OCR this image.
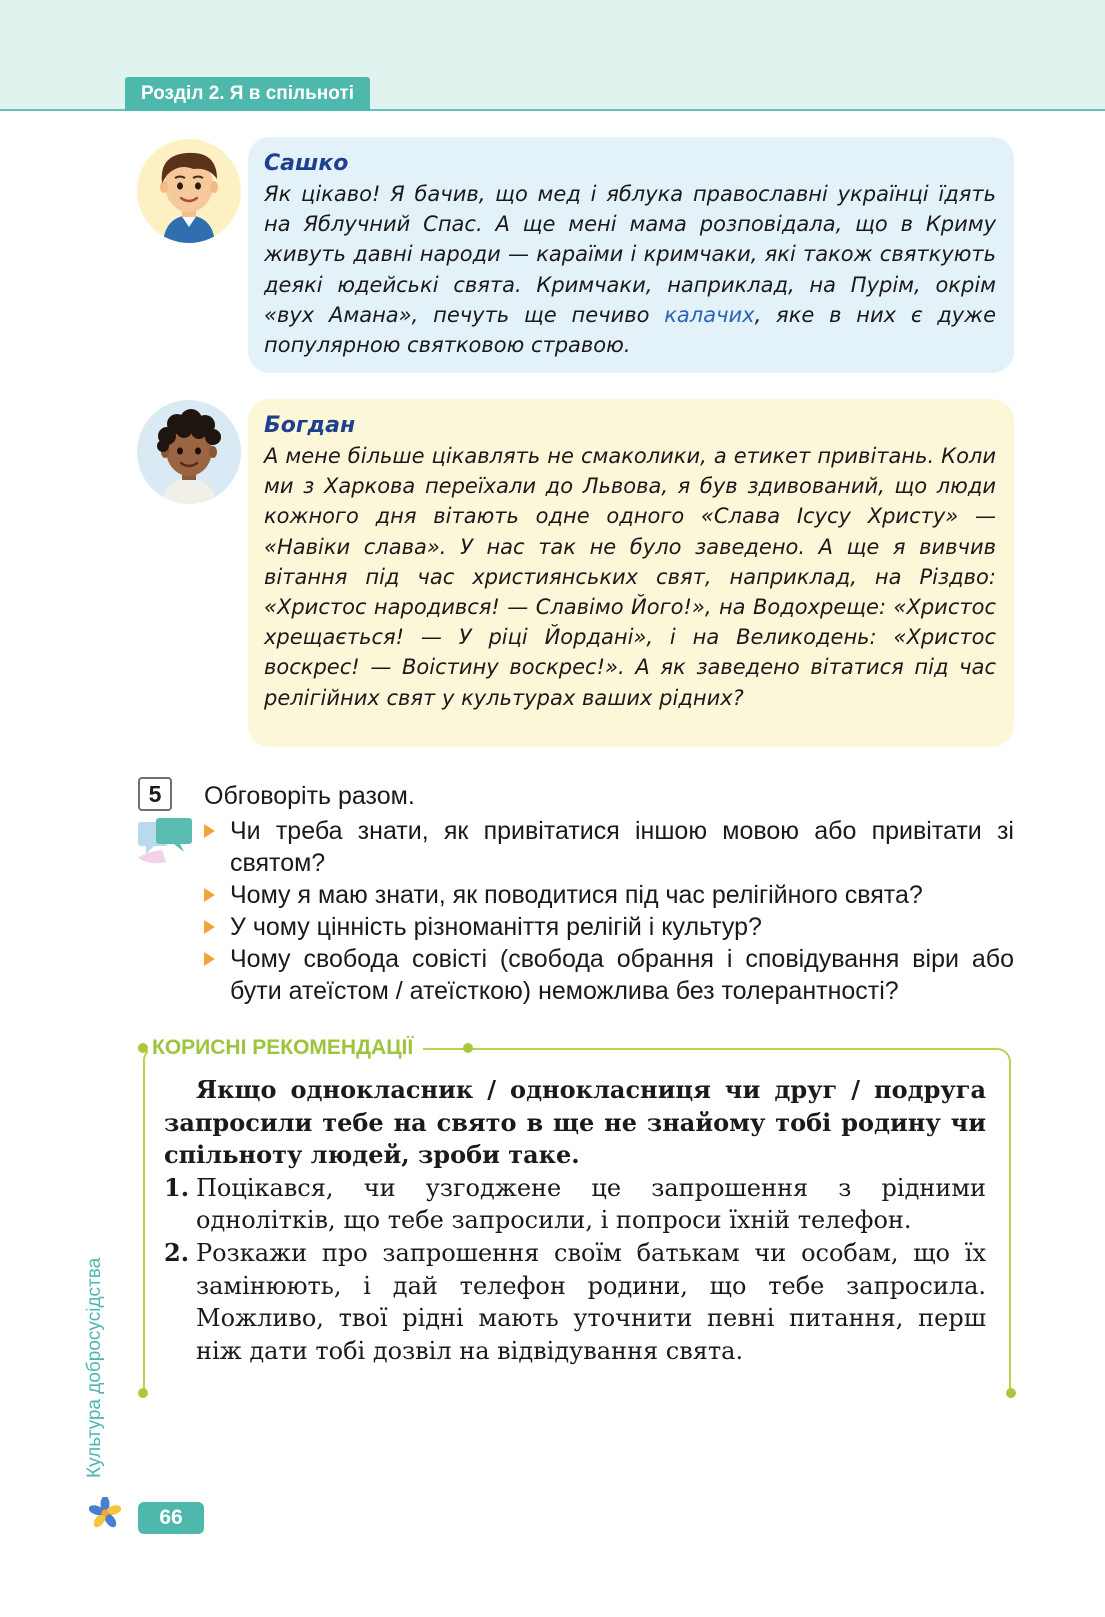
Розділ 2. Я в спільноті
Сашко
Як цікаво! Я бачив, що мед і яблука православні українці їдять на Яблучний Спас. А ще мені мама розповідала, що в Криму живуть давні народи — караїми і кримчаки, які також святкують деякі юдейські свята. Кримчаки, наприклад, на Пурім, окрім «вух Амана», печуть ще печиво калачих, яке в них є дуже популярною святковою стравою.
Богдан
А мене більше цікавлять не смаколики, а етикет привітань. Коли ми з Харкова переїхали до Львова, я був здивований, що люди кожного дня вітають одне одного «Слава Ісусу Христу» — «Навіки слава». У нас так не було заведено. А ще я вивчив вітання під час християнських свят, наприклад, на Різдво: «Христос народився! — Славімо Його!», на Водохреще: «Христос хрещається! — У ріці Йордані», і на Великодень: «Христос воскрес! — Воістину воскрес!». А як заведено вітатися під час релігійних свят у культурах ваших рідних?
5	Обговоріть разом.
Чи треба знати, як привітатися іншою мовою або привітати зі святом?
Чому я маю знати, як поводитися під час релігійного свята?
У чому цінність різноманіття релігій і культур?
Чому свобода совісті (свобода обрання і сповідування віри або бути атеїстом / атеїсткою) неможлива без толерантності?
КОРИСНІ РЕКОМЕНДАЦІЇ

Якщо однокласник / однокласниця чи друг / подруга запросили тебе на свято в ще не знайому тобі родину чи спільноту людей, зроби таке.

1. Поцікався, чи узгоджене це запрошення з рідними однолітків, що тебе запросили, і попроси їхній телефон.
2. Розкажи про запрошення своїм батькам чи особам, що їх замінюють, і дай телефон родини, що тебе запросила. Можливо, твої рідні мають уточнити певні питання, перш ніж дати тобі дозвіл на відвідування свята.
Культура добросусідства
66
